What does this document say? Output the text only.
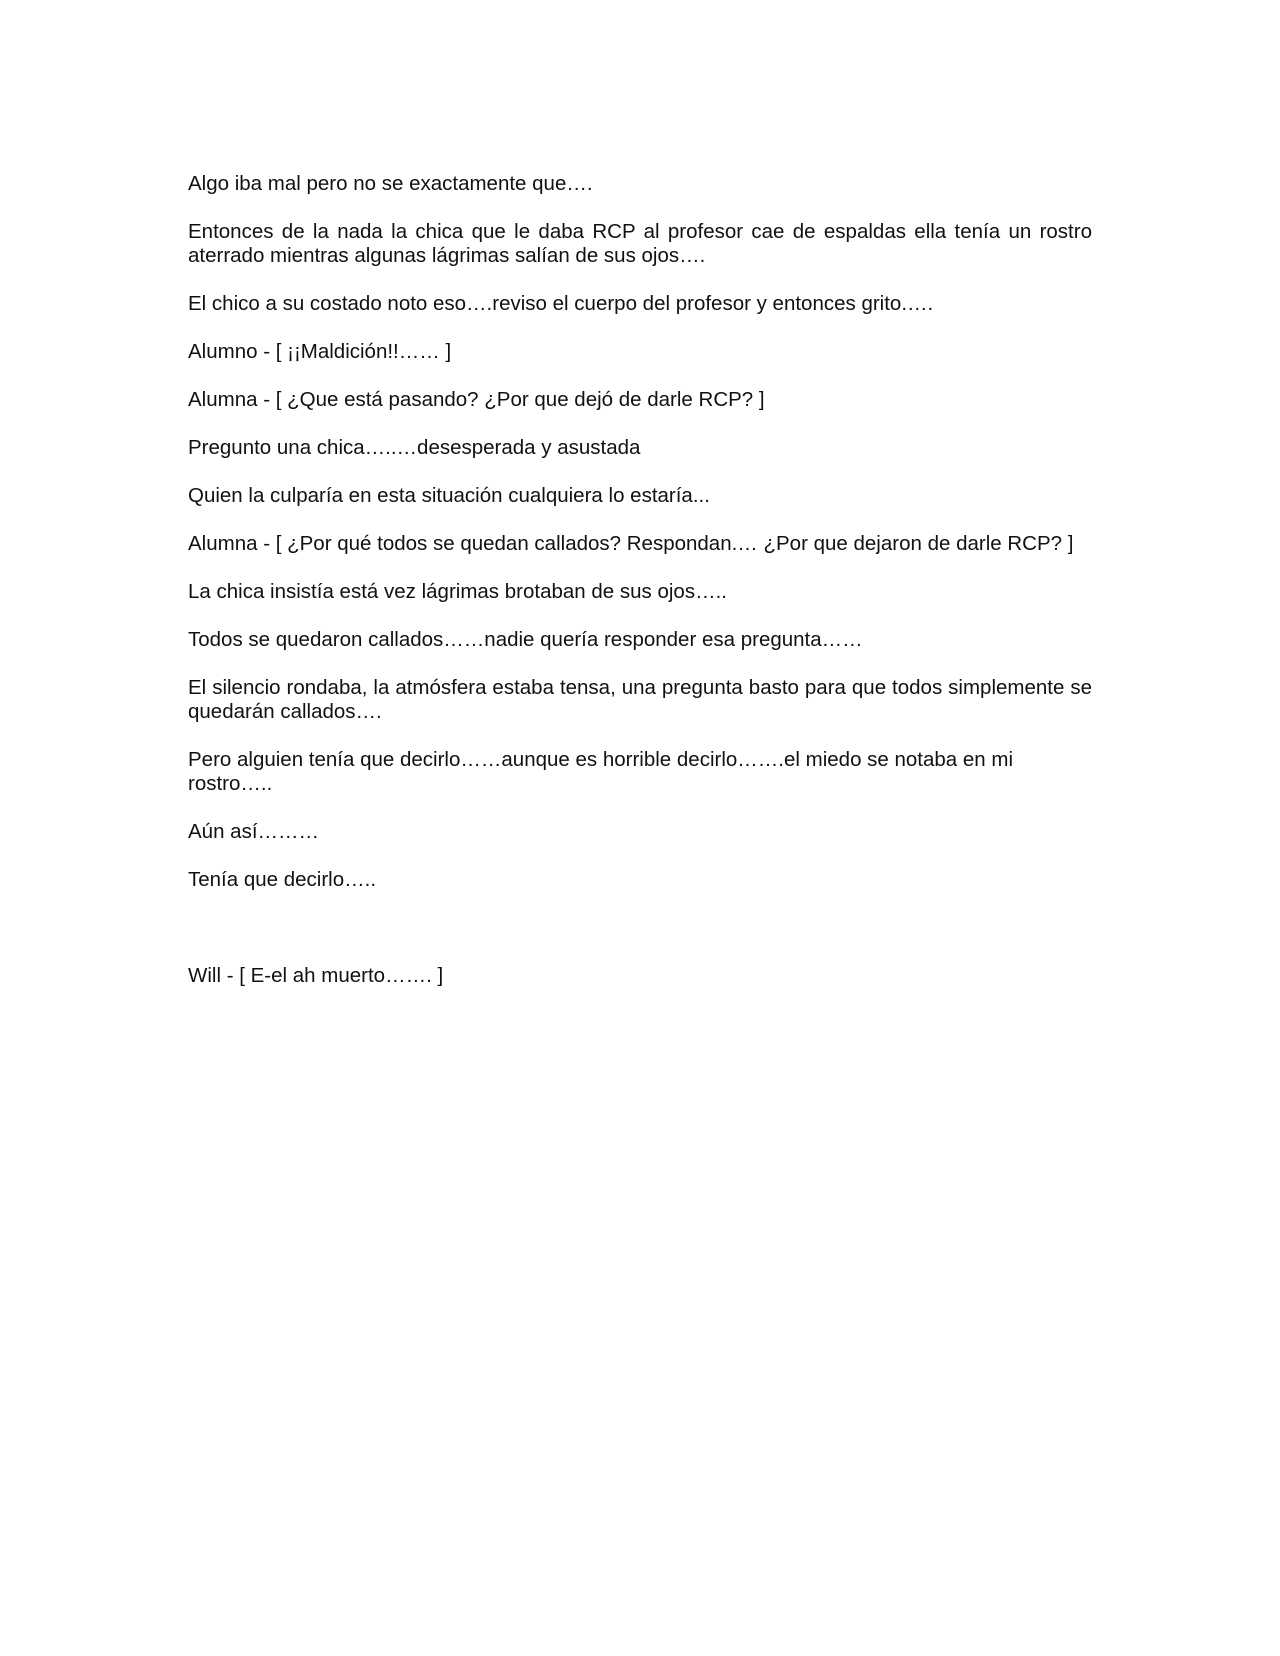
Algo iba mal pero no se exactamente que….

Entonces de la nada la chica que le daba RCP al profesor cae de espaldas ella tenía un rostro aterrado mientras algunas lágrimas salían de sus ojos….

El chico a su costado noto eso….reviso el cuerpo del profesor y entonces grito.….

Alumno - [ ¡¡Maldición!!…… ]

Alumna - [ ¿Que está pasando? ¿Por que dejó de darle RCP? ]

Pregunto una chica…..…desesperada y asustada

Quien la culparía en esta situación cualquiera lo estaría...

Alumna - [ ¿Por qué todos se quedan callados? Respondan.… ¿Por que dejaron de darle RCP? ]

La chica insistía está vez lágrimas brotaban de sus ojos…..

Todos se quedaron callados……nadie quería responder esa pregunta……

El silencio rondaba, la atmósfera estaba tensa, una pregunta basto para que todos simplemente se quedarán callados….

Pero alguien tenía que decirlo……aunque es horrible decirlo…….el miedo se notaba en mi rostro…..

Aún así………

Tenía que decirlo…..

Will - [ E-el ah muerto……. ]
